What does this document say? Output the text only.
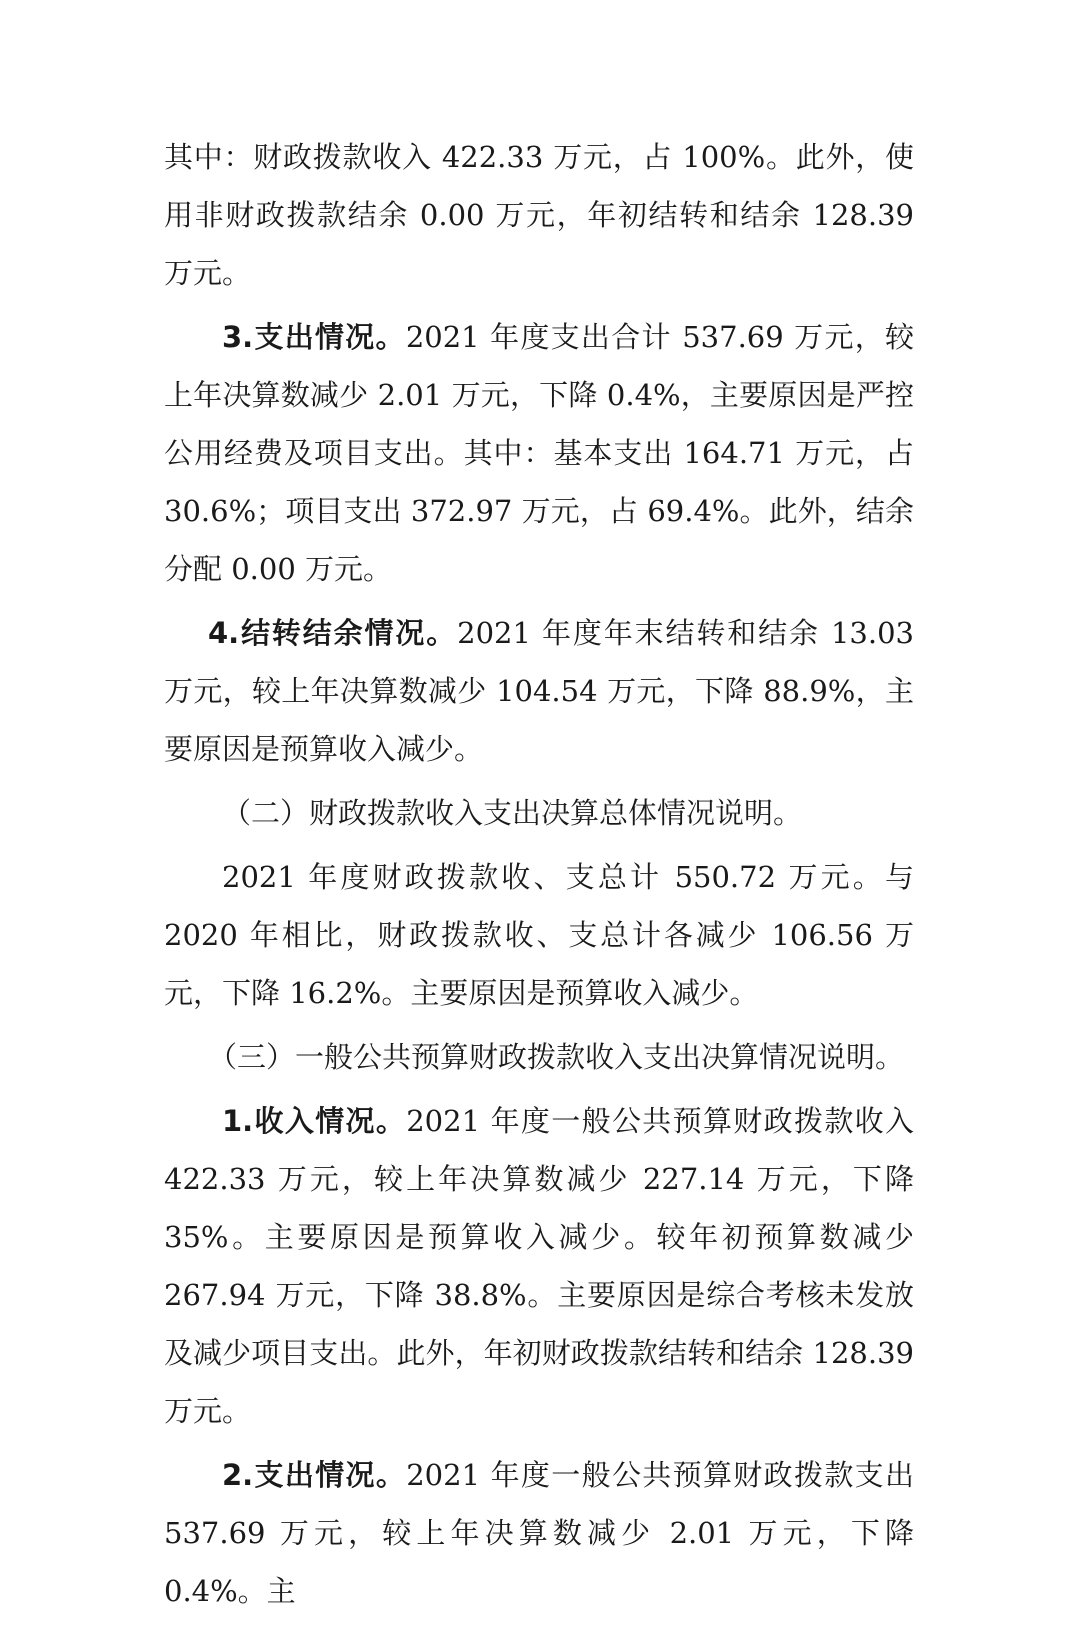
其中：财政拨款收入 422.33 万元，占 100%。此外，使用非财政拨款结余 0.00 万元，年初结转和结余 128.39 万元。

3.支出情况。2021 年度支出合计 537.69 万元，较上年决算数减少 2.01 万元，下降 0.4%，主要原因是严控公用经费及项目支出。其中：基本支出 164.71 万元，占 30.6%；项目支出 372.97 万元，占 69.4%。此外，结余分配 0.00 万元。

4.结转结余情况。2021 年度年末结转和结余 13.03 万元，较上年决算数减少 104.54 万元，下降 88.9%，主要原因是预算收入减少。

（二）财政拨款收入支出决算总体情况说明。

2021 年度财政拨款收、支总计 550.72 万元。与 2020 年相比，财政拨款收、支总计各减少 106.56 万元，下降 16.2%。主要原因是预算收入减少。

（三）一般公共预算财政拨款收入支出决算情况说明。

1.收入情况。2021 年度一般公共预算财政拨款收入 422.33 万元，较上年决算数减少 227.14 万元，下降 35%。主要原因是预算收入减少。较年初预算数减少 267.94 万元，下降 38.8%。主要原因是综合考核未发放及减少项目支出。此外，年初财政拨款结转和结余 128.39 万元。

2.支出情况。2021 年度一般公共预算财政拨款支出 537.69 万元，较上年决算数减少 2.01 万元，下降 0.4%。主
